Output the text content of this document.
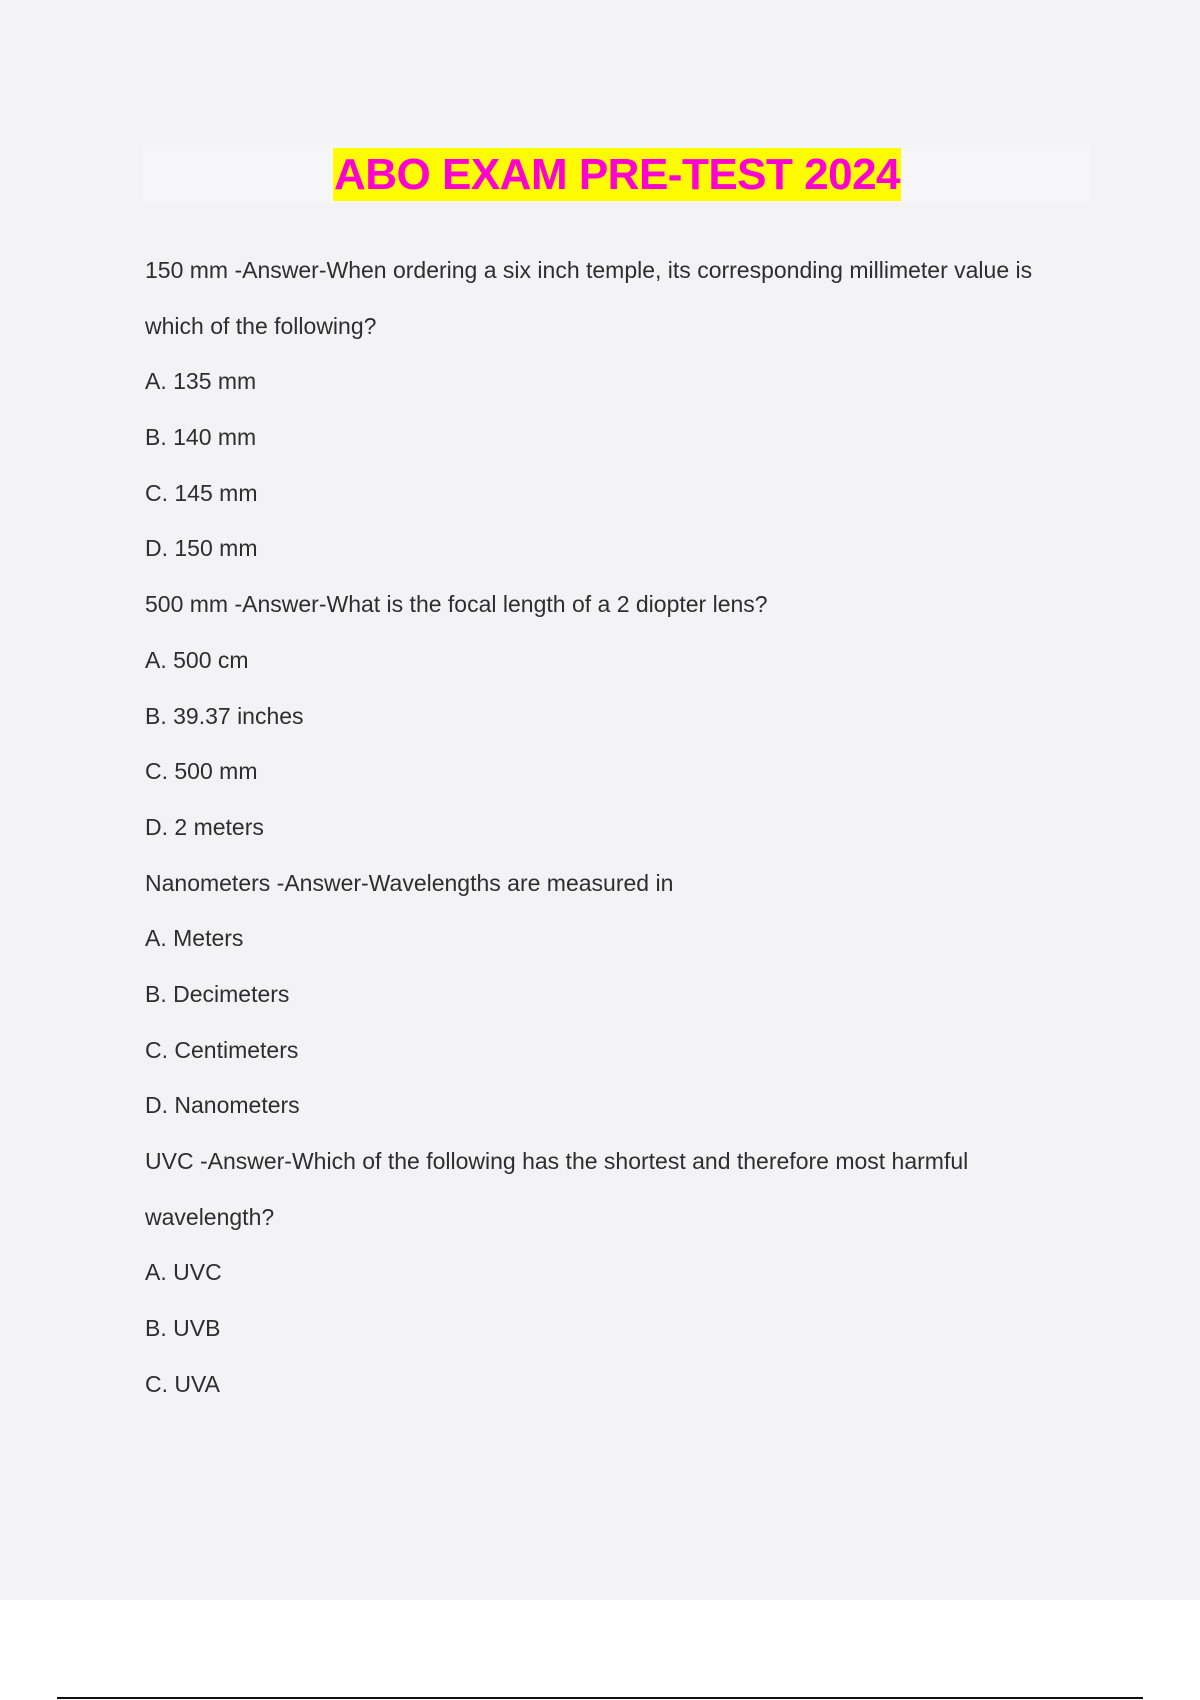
ABO EXAM PRE-TEST 2024
150 mm -Answer-When ordering a six inch temple, its corresponding millimeter value is
which of the following?
A. 135 mm
B. 140 mm
C. 145 mm
D. 150 mm
500 mm -Answer-What is the focal length of a 2 diopter lens?
A. 500 cm
B. 39.37 inches
C. 500 mm
D. 2 meters
Nanometers -Answer-Wavelengths are measured in
A. Meters
B. Decimeters
C. Centimeters
D. Nanometers
UVC -Answer-Which of the following has the shortest and therefore most harmful
wavelength?
A. UVC
B. UVB
C. UVA
